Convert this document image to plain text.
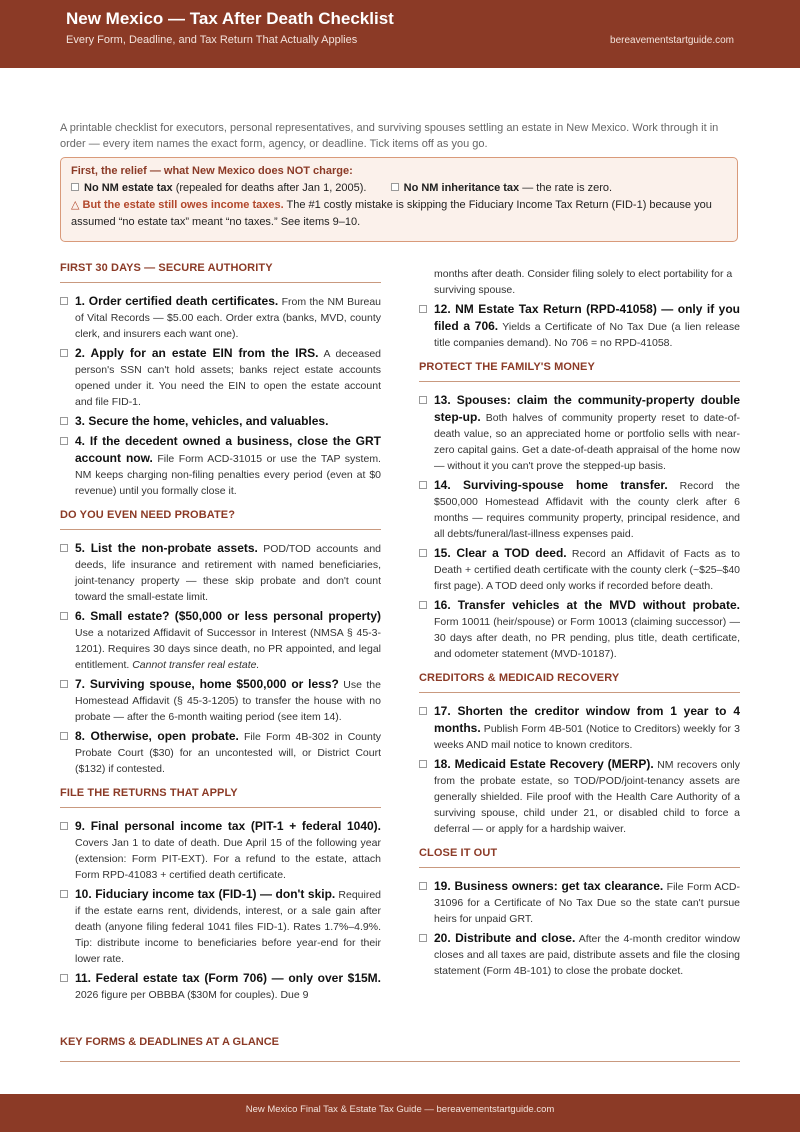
New Mexico — Tax After Death Checklist
Every Form, Deadline, and Tax Return That Actually Applies	bereavementstartguide.com
A printable checklist for executors, personal representatives, and surviving spouses settling an estate in New Mexico. Work through it in order — every item names the exact form, agency, or deadline. Tick items off as you go.
First, the relief — what New Mexico does NOT charge:
No NM estate tax (repealed for deaths after Jan 1, 2005).	No NM inheritance tax — the rate is zero.
△ But the estate still owes income taxes. The #1 costly mistake is skipping the Fiduciary Income Tax Return (FID-1) because you assumed “no estate tax” meant “no taxes.” See items 9–10.
FIRST 30 DAYS — SECURE AUTHORITY
1. Order certified death certificates. From the NM Bureau of Vital Records — $5.00 each. Order extra (banks, MVD, county clerk, and insurers each want one).
2. Apply for an estate EIN from the IRS. A deceased person's SSN can't hold assets; banks reject estate accounts opened under it. You need the EIN to open the estate account and file FID-1.
3. Secure the home, vehicles, and valuables.
4. If the decedent owned a business, close the GRT account now. File Form ACD-31015 or use the TAP system. NM keeps charging non-filing penalties every period (even at $0 revenue) until you formally close it.
DO YOU EVEN NEED PROBATE?
5. List the non-probate assets. POD/TOD accounts and deeds, life insurance and retirement with named beneficiaries, joint-tenancy property — these skip probate and don't count toward the small-estate limit.
6. Small estate? ($50,000 or less personal property) Use a notarized Affidavit of Successor in Interest (NMSA § 45-3-1201). Requires 30 days since death, no PR appointed, and legal entitlement. Cannot transfer real estate.
7. Surviving spouse, home $500,000 or less? Use the Homestead Affidavit (§ 45-3-1205) to transfer the house with no probate — after the 6-month waiting period (see item 14).
8. Otherwise, open probate. File Form 4B-302 in County Probate Court ($30) for an uncontested will, or District Court ($132) if contested.
FILE THE RETURNS THAT APPLY
9. Final personal income tax (PIT-1 + federal 1040). Covers Jan 1 to date of death. Due April 15 of the following year (extension: Form PIT-EXT). For a refund to the estate, attach Form RPD-41083 + certified death certificate.
10. Fiduciary income tax (FID-1) — don't skip. Required if the estate earns rent, dividends, interest, or a sale gain after death (anyone filing federal 1041 files FID-1). Rates 1.7%–4.9%. Tip: distribute income to beneficiaries before year-end for their lower rate.
11. Federal estate tax (Form 706) — only over $15M. 2026 figure per OBBBA ($30M for couples). Due 9
months after death. Consider filing solely to elect portability for a surviving spouse.
12. NM Estate Tax Return (RPD-41058) — only if you filed a 706. Yields a Certificate of No Tax Due (a lien release title companies demand). No 706 = no RPD-41058.
PROTECT THE FAMILY'S MONEY
13. Spouses: claim the community-property double step-up. Both halves of community property reset to date-of-death value, so an appreciated home or portfolio sells with near-zero capital gains. Get a date-of-death appraisal of the home now — without it you can't prove the stepped-up basis.
14. Surviving-spouse home transfer. Record the $500,000 Homestead Affidavit with the county clerk after 6 months — requires community property, principal residence, and all debts/funeral/last-illness expenses paid.
15. Clear a TOD deed. Record an Affidavit of Facts as to Death + certified death certificate with the county clerk (~$25–$40 first page). A TOD deed only works if recorded before death.
16. Transfer vehicles at the MVD without probate. Form 10011 (heir/spouse) or Form 10013 (claiming successor) — 30 days after death, no PR pending, plus title, death certificate, and odometer statement (MVD-10187).
CREDITORS & MEDICAID RECOVERY
17. Shorten the creditor window from 1 year to 4 months. Publish Form 4B-501 (Notice to Creditors) weekly for 3 weeks AND mail notice to known creditors.
18. Medicaid Estate Recovery (MERP). NM recovers only from the probate estate, so TOD/POD/joint-tenancy assets are generally shielded. File proof with the Health Care Authority of a surviving spouse, child under 21, or disabled child to force a deferral — or apply for a hardship waiver.
CLOSE IT OUT
19. Business owners: get tax clearance. File Form ACD-31096 for a Certificate of No Tax Due so the state can't pursue heirs for unpaid GRT.
20. Distribute and close. After the 4-month creditor window closes and all taxes are paid, distribute assets and file the closing statement (Form 4B-101) to close the probate docket.
KEY FORMS & DEADLINES AT A GLANCE
New Mexico Final Tax & Estate Tax Guide — bereavementstartguide.com
